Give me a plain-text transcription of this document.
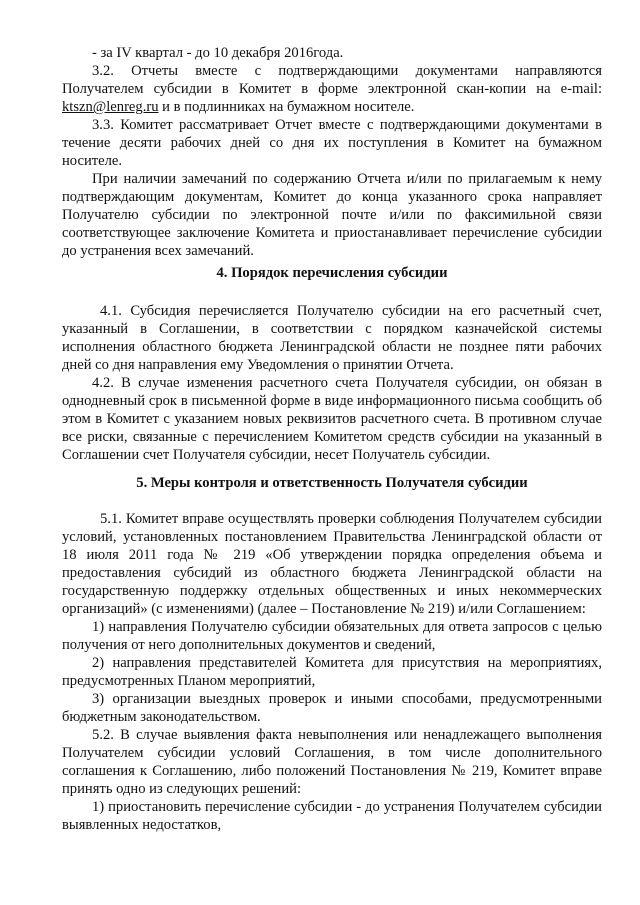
- за IV квартал - до 10 декабря 2016года.

3.2. Отчеты вместе с подтверждающими документами направляются Получателем субсидии в Комитет в форме электронной скан-копии на e-mail: ktszn@lenreg.ru и в подлинниках на бумажном носителе.

3.3. Комитет рассматривает Отчет вместе с подтверждающими документами в течение десяти рабочих дней со дня их поступления в Комитет на бумажном носителе.

При наличии замечаний по содержанию Отчета и/или по прилагаемым к нему подтверждающим документам, Комитет до конца указанного срока направляет Получателю субсидии по электронной почте и/или по факсимильной связи соответствующее заключение Комитета и приостанавливает перечисление субсидии до устранения всех замечаний.

4. Порядок перечисления субсидии

4.1. Субсидия перечисляется Получателю субсидии на его расчетный счет, указанный в Соглашении, в соответствии с порядком казначейской системы исполнения областного бюджета Ленинградской области не позднее пяти рабочих дней со дня направления ему Уведомления о принятии Отчета.

4.2. В случае изменения расчетного счета Получателя субсидии, он обязан в однодневный срок в письменной форме в виде информационного письма сообщить об этом в Комитет с указанием новых реквизитов расчетного счета. В противном случае все риски, связанные с перечислением Комитетом средств субсидии на указанный в Соглашении счет Получателя субсидии, несет Получатель субсидии.

5. Меры контроля и ответственность Получателя субсидии

5.1. Комитет вправе осуществлять проверки соблюдения Получателем субсидии условий, установленных постановлением Правительства Ленинградской области от 18 июля 2011 года № 219 «Об утверждении порядка определения объема и предоставления субсидий из областного бюджета Ленинградской области на государственную поддержку отдельных общественных и иных некоммерческих организаций» (с изменениями) (далее – Постановление № 219) и/или Соглашением:

1) направления Получателю субсидии обязательных для ответа запросов с целью получения от него дополнительных документов и сведений,

2) направления представителей Комитета для присутствия на мероприятиях, предусмотренных Планом мероприятий,

3) организации выездных проверок и иными способами, предусмотренными бюджетным законодательством.

5.2. В случае выявления факта невыполнения или ненадлежащего выполнения Получателем субсидии условий Соглашения, в том числе дополнительного соглашения к Соглашению, либо положений Постановления № 219, Комитет вправе принять одно из следующих решений:

1) приостановить перечисление субсидии - до устранения Получателем субсидии выявленных недостатков,
